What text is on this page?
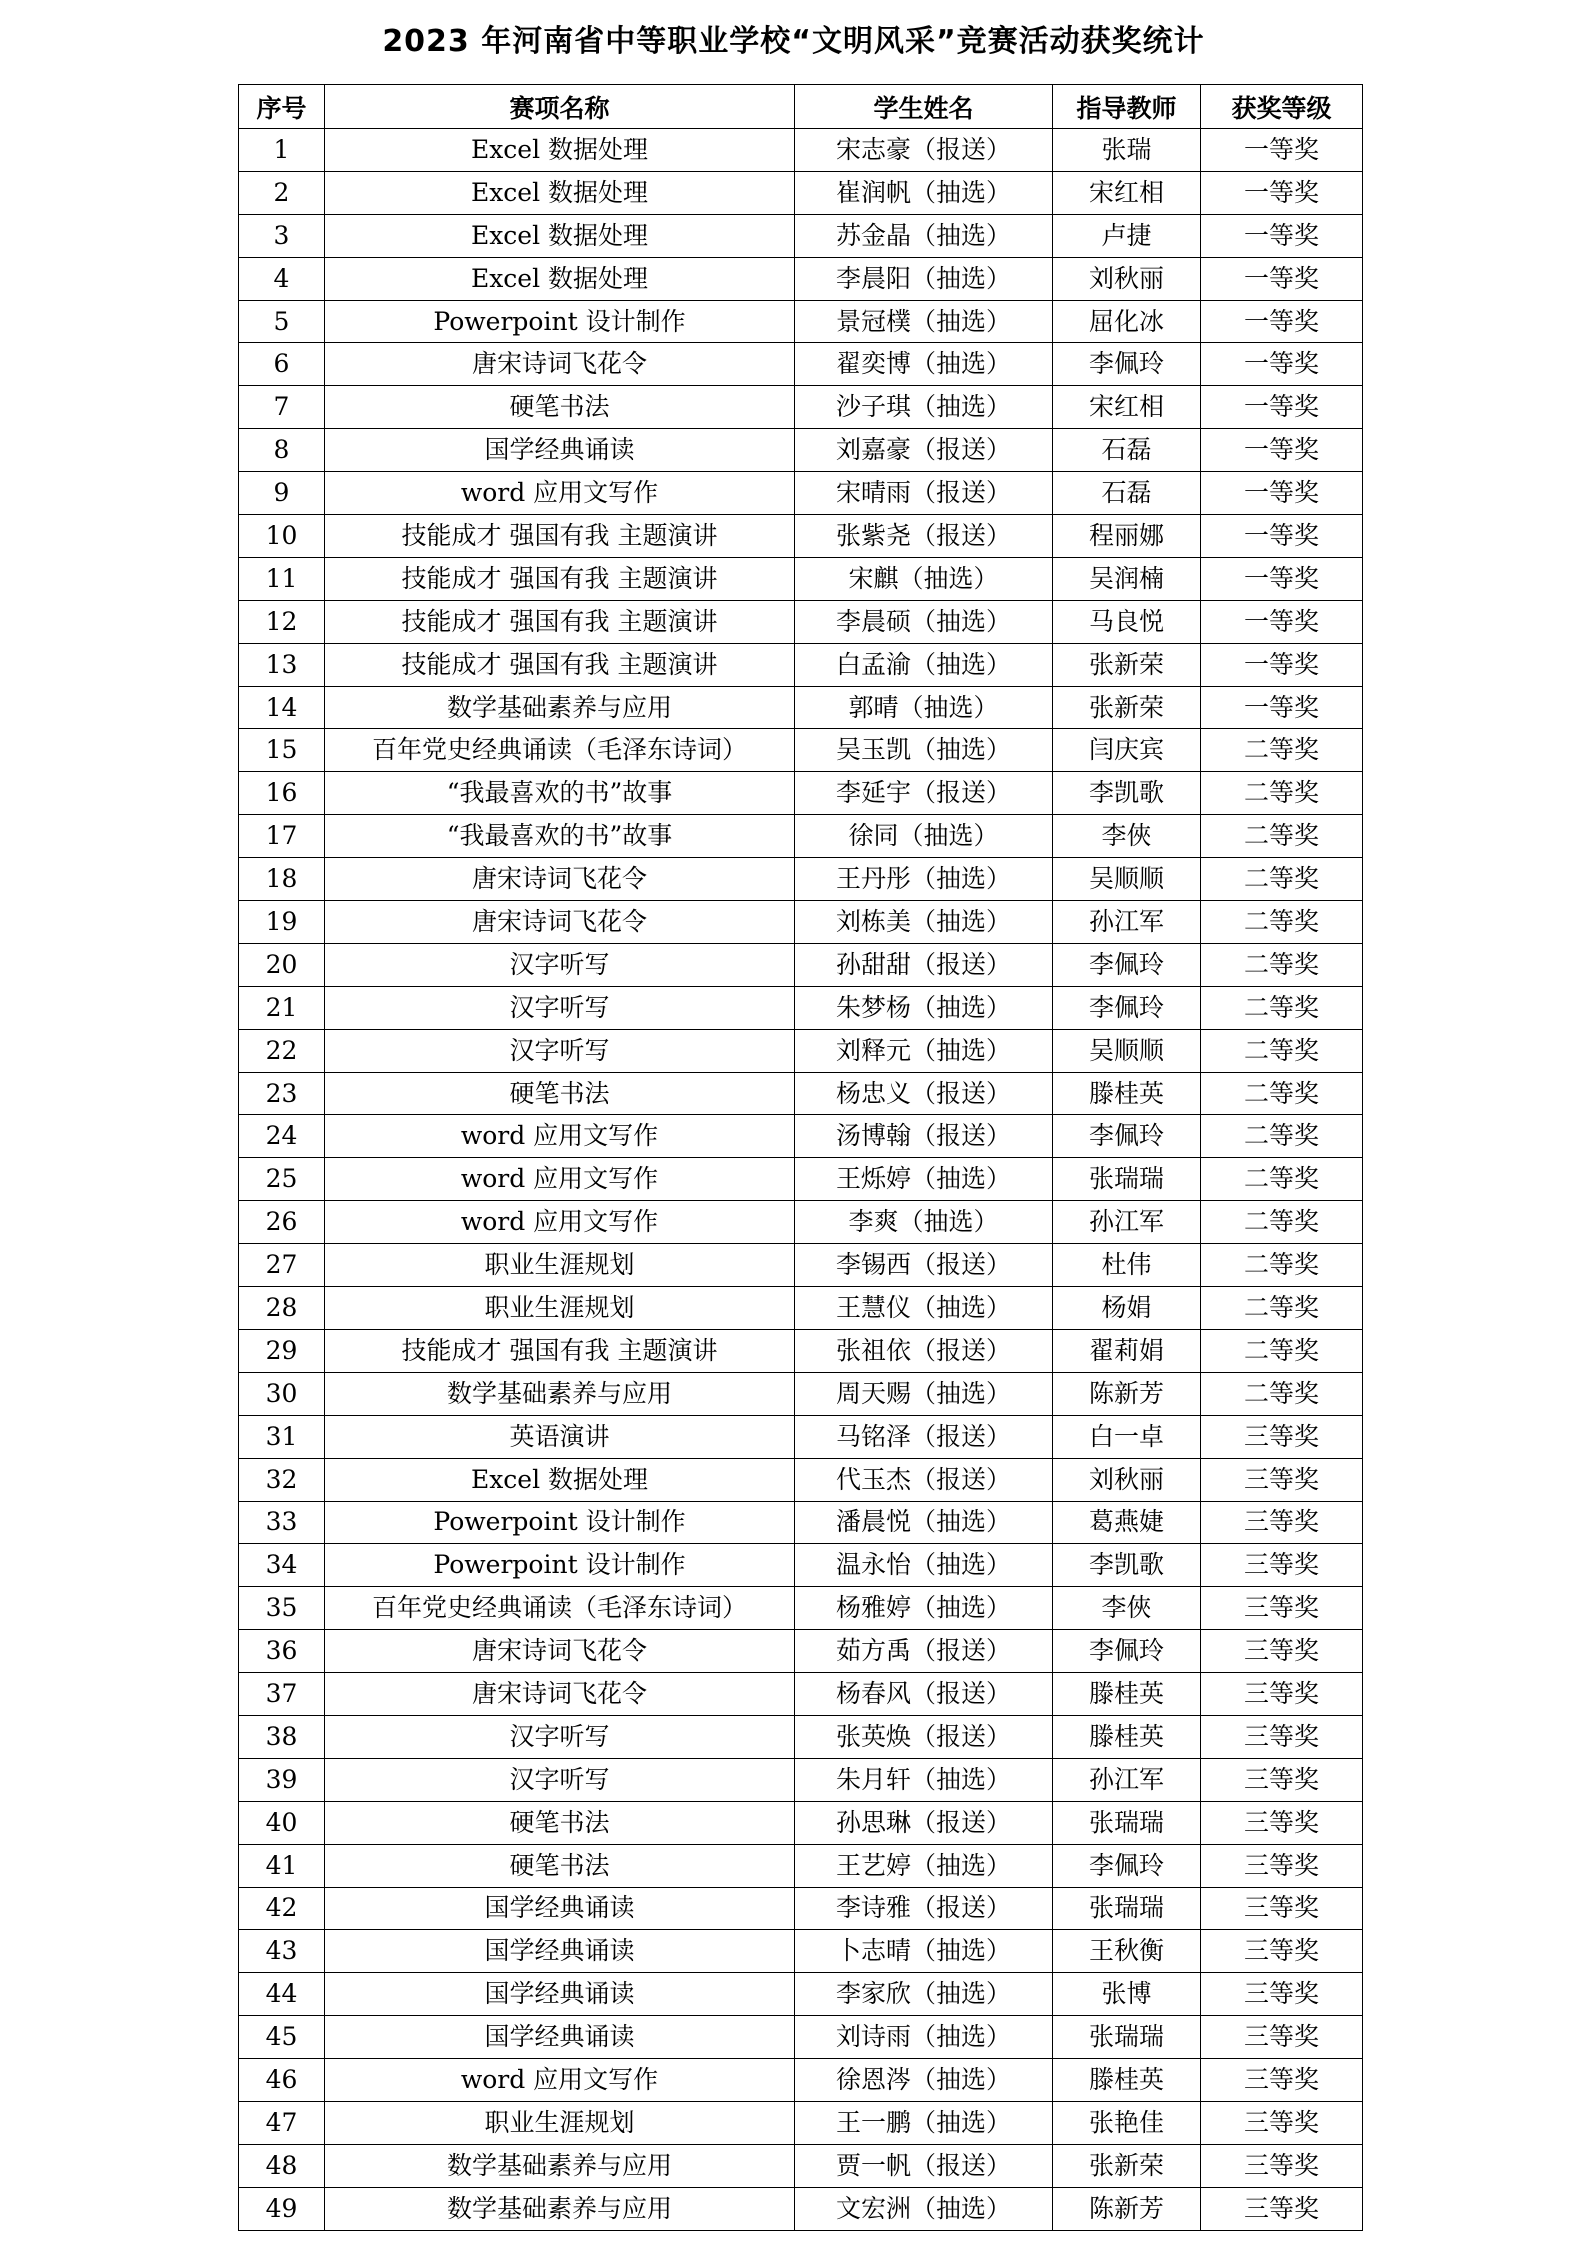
2023 年河南省中等职业学校“文明风采”竞赛活动获奖统计
序号	赛项名称	学生姓名	指导教师	获奖等级
1	Excel 数据处理	宋志豪（报送）	张瑞	一等奖
2	Excel 数据处理	崔润帆（抽选）	宋红相	一等奖
3	Excel 数据处理	苏金晶（抽选）	卢捷	一等奖
4	Excel 数据处理	李晨阳（抽选）	刘秋丽	一等奖
5	Powerpoint 设计制作	景冠樸（抽选）	屈化冰	一等奖
6	唐宋诗词飞花令	翟奕博（抽选）	李佩玲	一等奖
7	硬笔书法	沙子琪（抽选）	宋红相	一等奖
8	国学经典诵读	刘嘉豪（报送）	石磊	一等奖
9	word 应用文写作	宋晴雨（报送）	石磊	一等奖
10	技能成才 强国有我 主题演讲	张紫尧（报送）	程丽娜	一等奖
11	技能成才 强国有我 主题演讲	宋麒（抽选）	吴润楠	一等奖
12	技能成才 强国有我 主题演讲	李晨硕（抽选）	马良悦	一等奖
13	技能成才 强国有我 主题演讲	白孟渝（抽选）	张新荣	一等奖
14	数学基础素养与应用	郭晴（抽选）	张新荣	一等奖
15	百年党史经典诵读（毛泽东诗词）	吴玉凯（抽选）	闫庆宾	二等奖
16	“我最喜欢的书”故事	李延宇（报送）	李凯歌	二等奖
17	“我最喜欢的书”故事	徐同（抽选）	李俠	二等奖
18	唐宋诗词飞花令	王丹彤（抽选）	吴顺顺	二等奖
19	唐宋诗词飞花令	刘栋美（抽选）	孙江军	二等奖
20	汉字听写	孙甜甜（报送）	李佩玲	二等奖
21	汉字听写	朱梦杨（抽选）	李佩玲	二等奖
22	汉字听写	刘释元（抽选）	吴顺顺	二等奖
23	硬笔书法	杨忠义（报送）	滕桂英	二等奖
24	word 应用文写作	汤博翰（报送）	李佩玲	二等奖
25	word 应用文写作	王烁婷（抽选）	张瑞瑞	二等奖
26	word 应用文写作	李爽（抽选）	孙江军	二等奖
27	职业生涯规划	李锡西（报送）	杜伟	二等奖
28	职业生涯规划	王慧仪（抽选）	杨娟	二等奖
29	技能成才 强国有我 主题演讲	张祖依（报送）	翟莉娟	二等奖
30	数学基础素养与应用	周天赐（抽选）	陈新芳	二等奖
31	英语演讲	马铭泽（报送）	白一卓	三等奖
32	Excel 数据处理	代玉杰（报送）	刘秋丽	三等奖
33	Powerpoint 设计制作	潘晨悦（抽选）	葛燕婕	三等奖
34	Powerpoint 设计制作	温永怡（抽选）	李凯歌	三等奖
35	百年党史经典诵读（毛泽东诗词）	杨雅婷（抽选）	李俠	三等奖
36	唐宋诗词飞花令	茹方禹（报送）	李佩玲	三等奖
37	唐宋诗词飞花令	杨春风（报送）	滕桂英	三等奖
38	汉字听写	张英焕（报送）	滕桂英	三等奖
39	汉字听写	朱月轩（抽选）	孙江军	三等奖
40	硬笔书法	孙思琳（报送）	张瑞瑞	三等奖
41	硬笔书法	王艺婷（抽选）	李佩玲	三等奖
42	国学经典诵读	李诗雅（报送）	张瑞瑞	三等奖
43	国学经典诵读	卜志晴（抽选）	王秋衡	三等奖
44	国学经典诵读	李家欣（抽选）	张博	三等奖
45	国学经典诵读	刘诗雨（抽选）	张瑞瑞	三等奖
46	word 应用文写作	徐恩涔（抽选）	滕桂英	三等奖
47	职业生涯规划	王一鹏（抽选）	张艳佳	三等奖
48	数学基础素养与应用	贾一帆（报送）	张新荣	三等奖
49	数学基础素养与应用	文宏洲（抽选）	陈新芳	三等奖
